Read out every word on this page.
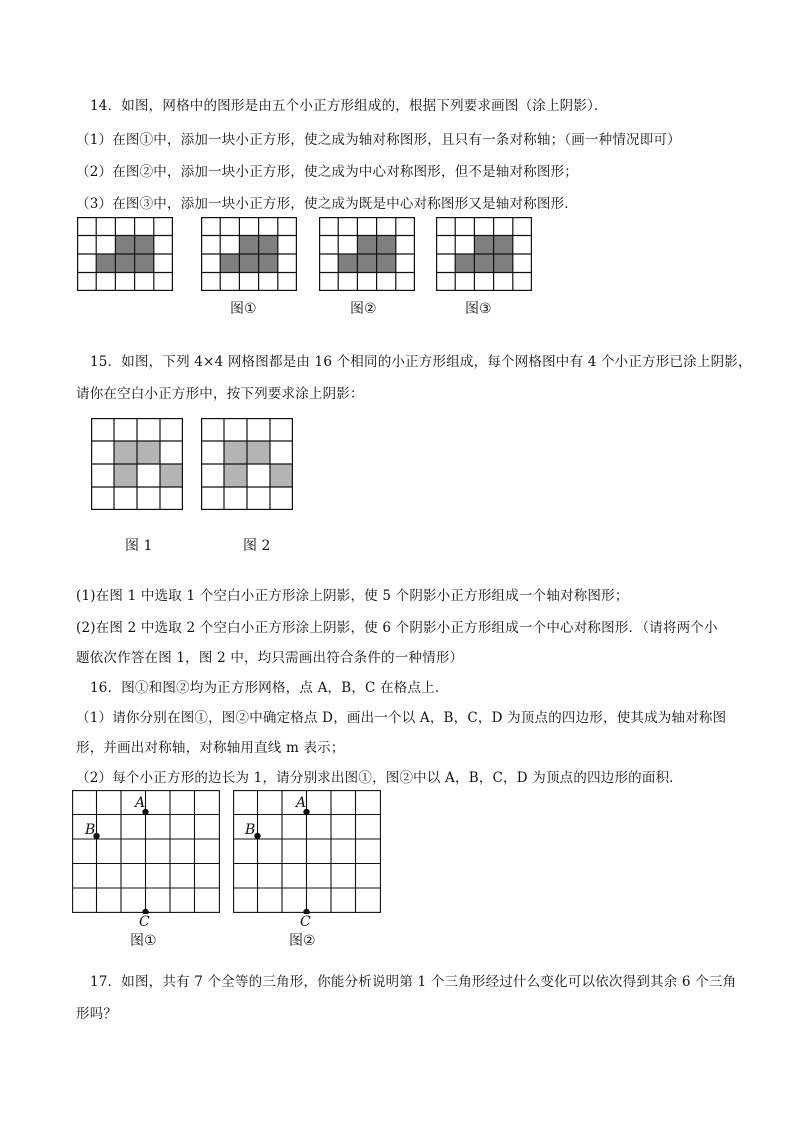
14．如图，网格中的图形是由五个小正方形组成的，根据下列要求画图（涂上阴影）．
（1）在图①中，添加一块小正方形，使之成为轴对称图形，且只有一条对称轴；（画一种情况即可）
（2）在图②中，添加一块小正方形，使之成为中心对称图形，但不是轴对称图形；
（3）在图③中，添加一块小正方形，使之成为既是中心对称图形又是轴对称图形．
图①	图②	图③
15．如图，下列 4×4 网格图都是由 16 个相同的小正方形组成，每个网格图中有 4 个小正方形已涂上阴影，
请你在空白小正方形中，按下列要求涂上阴影：
图 1	图 2
(1)在图 1 中选取 1 个空白小正方形涂上阴影，使 5 个阴影小正方形组成一个轴对称图形；
(2)在图 2 中选取 2 个空白小正方形涂上阴影，使 6 个阴影小正方形组成一个中心对称图形．（请将两个小
题依次作答在图 1，图 2 中，均只需画出符合条件的一种情形）
16．图①和图②均为正方形网格，点 A，B，C 在格点上．
（1）请你分别在图①，图②中确定格点 D，画出一个以 A，B，C，D 为顶点的四边形，使其成为轴对称图
形，并画出对称轴，对称轴用直线 m 表示；
（2）每个小正方形的边长为 1，请分别求出图①，图②中以 A，B，C，D 为顶点的四边形的面积．
A
B
C
图①
A
B
C
图②
17．如图，共有 7 个全等的三角形，你能分析说明第 1 个三角形经过什么变化可以依次得到其余 6 个三角
形吗？
